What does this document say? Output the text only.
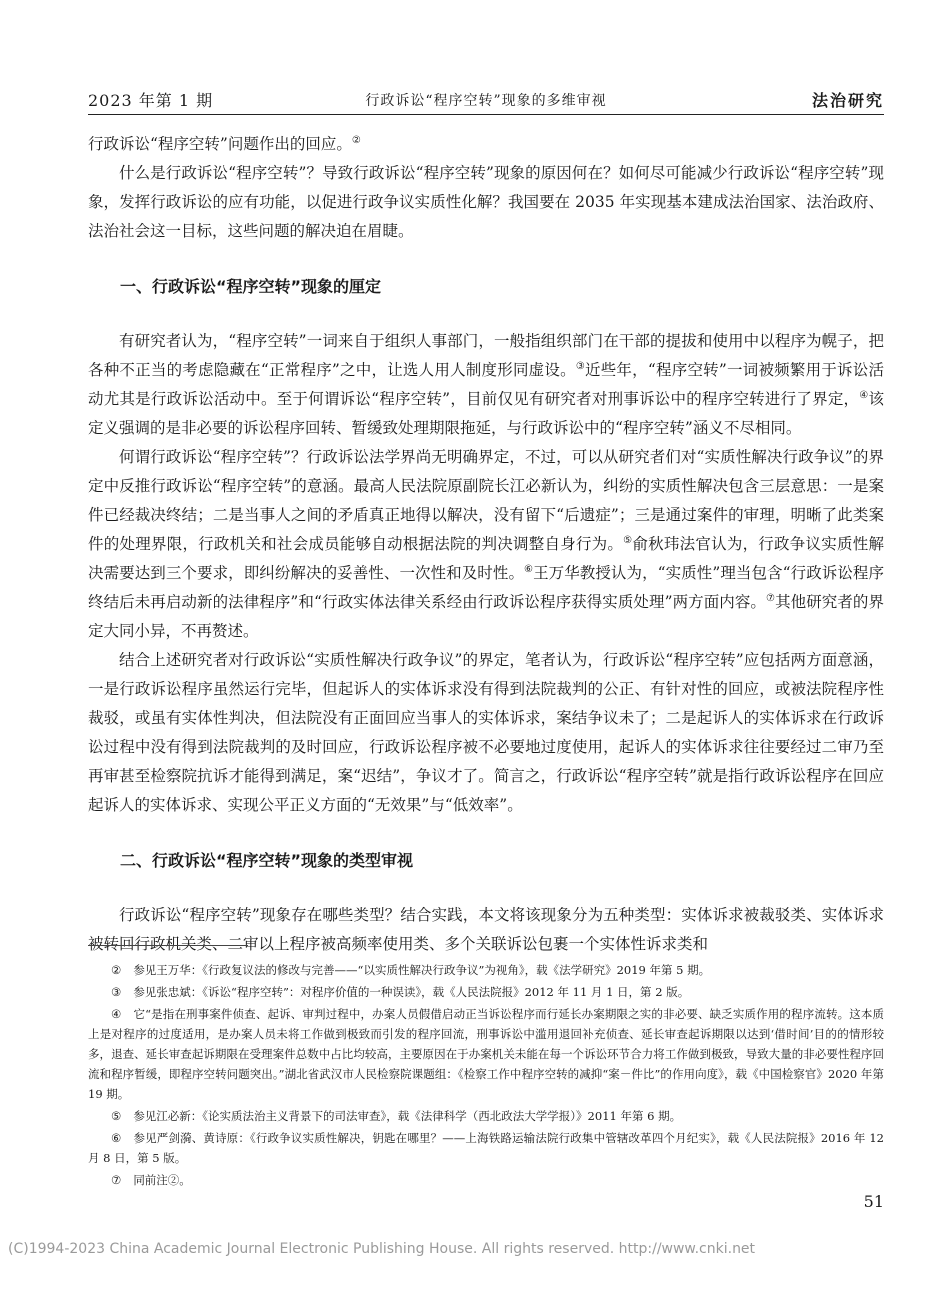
2023 年第 1 期	行政诉讼“程序空转”现象的多维审视	法治研究

行政诉讼“程序空转”问题作出的回应。②

什么是行政诉讼“程序空转”？导致行政诉讼“程序空转”现象的原因何在？如何尽可能减少行政诉讼“程序空转”现象，发挥行政诉讼的应有功能，以促进行政争议实质性化解？我国要在 2035 年实现基本建成法治国家、法治政府、法治社会这一目标，这些问题的解决迫在眉睫。

一、行政诉讼“程序空转”现象的厘定

有研究者认为，“程序空转”一词来自于组织人事部门，一般指组织部门在干部的提拔和使用中以程序为幌子，把各种不正当的考虑隐藏在“正常程序”之中，让选人用人制度形同虚设。③近些年，“程序空转”一词被频繁用于诉讼活动尤其是行政诉讼活动中。至于何谓诉讼“程序空转”，目前仅见有研究者对刑事诉讼中的程序空转进行了界定，④该定义强调的是非必要的诉讼程序回转、暂缓致处理期限拖延，与行政诉讼中的“程序空转”涵义不尽相同。

何谓行政诉讼“程序空转”？行政诉讼法学界尚无明确界定，不过，可以从研究者们对“实质性解决行政争议”的界定中反推行政诉讼“程序空转”的意涵。最高人民法院原副院长江必新认为，纠纷的实质性解决包含三层意思：一是案件已经裁决终结；二是当事人之间的矛盾真正地得以解决，没有留下“后遗症”；三是通过案件的审理，明晰了此类案件的处理界限，行政机关和社会成员能够自动根据法院的判决调整自身行为。⑤俞秋玮法官认为，行政争议实质性解决需要达到三个要求，即纠纷解决的妥善性、一次性和及时性。⑥王万华教授认为，“实质性”理当包含“行政诉讼程序终结后未再启动新的法律程序”和“行政实体法律关系经由行政诉讼程序获得实质处理”两方面内容。⑦其他研究者的界定大同小异，不再赘述。

结合上述研究者对行政诉讼“实质性解决行政争议”的界定，笔者认为，行政诉讼“程序空转”应包括两方面意涵，一是行政诉讼程序虽然运行完毕，但起诉人的实体诉求没有得到法院裁判的公正、有针对性的回应，或被法院程序性裁驳，或虽有实体性判决，但法院没有正面回应当事人的实体诉求，案结争议未了；二是起诉人的实体诉求在行政诉讼过程中没有得到法院裁判的及时回应，行政诉讼程序被不必要地过度使用，起诉人的实体诉求往往要经过二审乃至再审甚至检察院抗诉才能得到满足，案“迟结”，争议才了。简言之，行政诉讼“程序空转”就是指行政诉讼程序在回应起诉人的实体诉求、实现公平正义方面的“无效果”与“低效率”。

二、行政诉讼“程序空转”现象的类型审视

行政诉讼“程序空转”现象存在哪些类型？结合实践，本文将该现象分为五种类型：实体诉求被裁驳类、实体诉求被转回行政机关类、二审以上程序被高频率使用类、多个关联诉讼包裹一个实体性诉求类和

② 参见王万华：《行政复议法的修改与完善——“以实质性解决行政争议”为视角》，载《法学研究》2019 年第 5 期。
③ 参见张忠斌：《诉讼“程序空转”：对程序价值的一种误读》，载《人民法院报》2012 年 11 月 1 日，第 2 版。
④ 它“是指在刑事案件侦查、起诉、审判过程中，办案人员假借启动正当诉讼程序而行延长办案期限之实的非必要、缺乏实质作用的程序流转。这本质上是对程序的过度适用，是办案人员未将工作做到极致而引发的程序回流，刑事诉讼中滥用退回补充侦查、延长审查起诉期限以达到‘借时间’目的的情形较多，退查、延长审查起诉期限在受理案件总数中占比均较高，主要原因在于办案机关未能在每一个诉讼环节合力将工作做到极致，导致大量的非必要性程序回流和程序暂缓，即程序空转问题突出。”湖北省武汉市人民检察院课题组：《检察工作中程序空转的减抑“案－件比”的作用向度》，载《中国检察官》2020 年第 19 期。
⑤ 参见江必新：《论实质法治主义背景下的司法审查》，载《法律科学（西北政法大学学报）》2011 年第 6 期。
⑥ 参见严剑漪、黄诗原：《行政争议实质性解决，钥匙在哪里？——上海铁路运输法院行政集中管辖改革四个月纪实》，载《人民法院报》2016 年 12 月 8 日，第 5 版。
⑦ 同前注②。
51
(C)1994-2023 China Academic Journal Electronic Publishing House. All rights reserved. http://www.cnki.net
